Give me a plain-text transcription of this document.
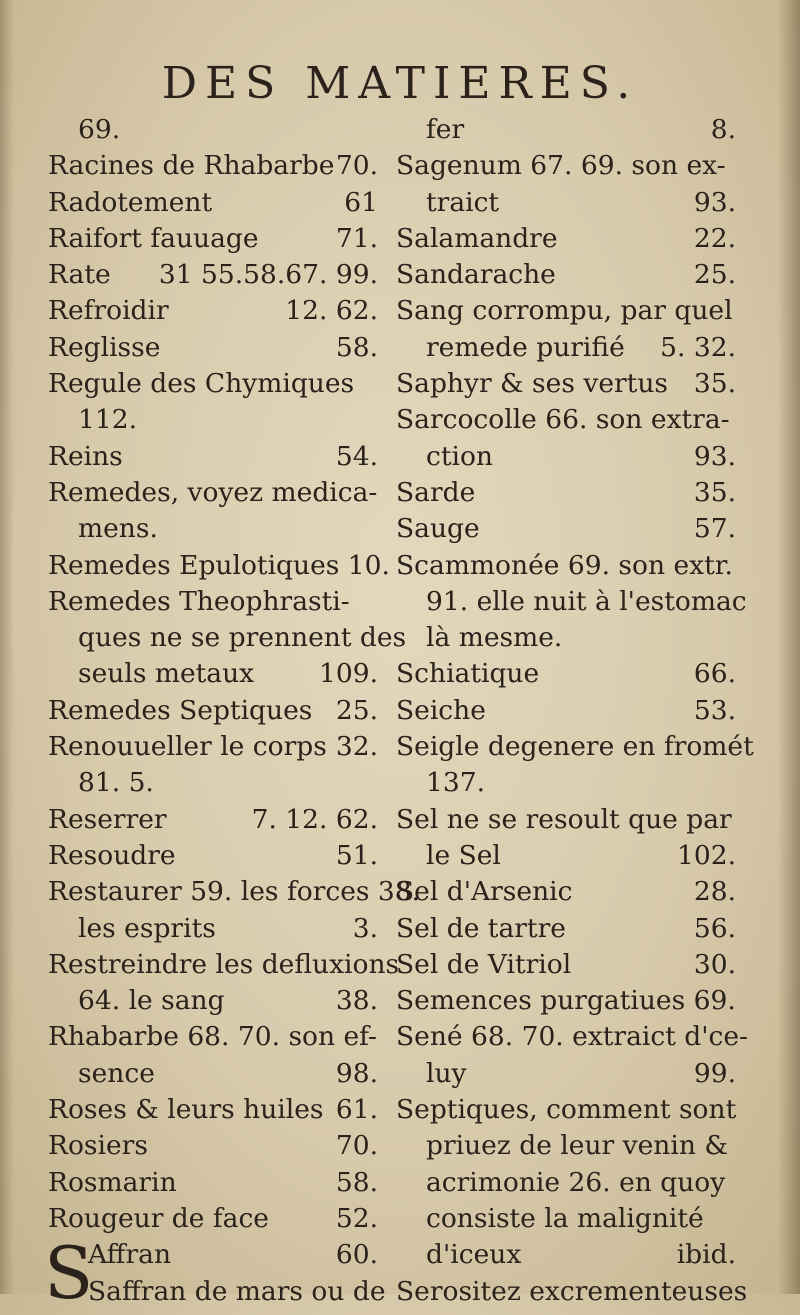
DES MATIERES.
69.
Racines de Rhabarbe 70.
Radotement	61
Raifort fauuage	71.
Rate 31 55.58.67. 99.
Refroidir	12. 62.
Reglisse	58.
Regule des Chymiques
112.
Reins	54.
Remedes, voyez medica-
mens.
Remedes Epulotiques 10.
Remedes Theophrasti-
ques ne se prennent des
seuls metaux 109.
Remedes Septiques 25.
Renouueller le corps 32.
81. 5.
Reserrer	7. 12. 62.
Resoudre	51.
Restaurer 59. les forces 38.
les esprits	3.
Restreindre les defluxions
64. le sang	38.
Rhabarbe 68. 70. son ef-
sence	98.
Roses & leurs huiles 61.
Rosiers	70.
Rosmarin	58.
Rougeur de face	52.
S
Affran	60.
Saffran de mars ou de
fer	8.
Sagenum 67. 69. son ex-
traict	93.
Salamandre	22.
Sandarache	25.
Sang corrompu, par quel
remede purifié 5. 32.
Saphyr & ses vertus 35.
Sarcocolle 66. son extra-
ction	93.
Sarde	35.
Sauge	57.
Scammonée 69. son extr.
91. elle nuit à l'estomac
là mesme.
Schiatique	66.
Seiche	53.
Seigle degenere en fromét
137.
Sel ne se resoult que par
le Sel	102.
Sel d'Arsenic	28.
Sel de tartre	56.
Sel de Vitriol	30.
Semences purgatiues 69.
Sené 68. 70. extraict d'ce-
luy	99.
Septiques, comment sont
priuez de leur venin &
acrimonie 26. en quoy
consiste la malignité
d'iceux	ibid.
Serositez excrementeuses
